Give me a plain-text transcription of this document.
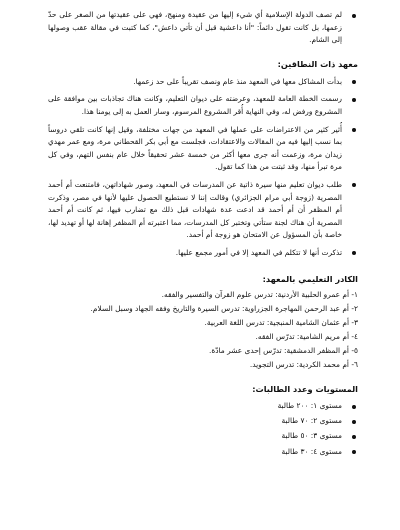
لم تصف الدولة الإسلامية أي شيء إليها من عقيدة ومنهج، فهي على عقيدتها من الصغر على حدّ زعمها، بل كانت تقول دائماً: "أنا داعشية قبل أن تأتي داعش"، كما كتبت في مقالة عقب وصولها إلى الشام.
معهد ذات النطاقين:
بدأت المشاكل معها في المعهد منذ عام ونصف تقريباً على حد زعمها.
رسمت الخطة العامة للمعهد، وعرضته على ديوان التعليم، وكانت هناك تجاذبات بين موافقة على المشروع ورفض له، وفي النهاية أُقر المشروع المرسوم، وسار العمل به إلى يومنا هذا.
أُثير كثير من الاعتراضات على عملها في المعهد من جهات مختلفة، وقيل إنها كانت تلقي دروساً بما نسب إليها فيه من المقالات والاعتقادات، فجلست مع أبي بكر القحطاني مرة، ومع عمر مهدي زيدان مرة، وزعمت أنه جرى معها أكثر من خمسة عشر تحقيقاً خلال عام بنفس التهم، وفي كل مرة تبرأ منها، وقد ثبتت من هذا كما تقول.
طلب ديوان تعليم منها سيرة ذاتية عن المدرسات في المعهد، وصور شهاداتهن، فامتنعت أم أحمد المصرية (زوجة أبي مرام الجزائري) وقالت إننا لا نستطيع الحصول عليها لأنها في مصر، وذكرت أم المظفر أن أم أحمد قد ادعت عدة شهادات قبل ذلك مع تضارب فيها، ثم كانت أم أحمد المصرية أن هناك لجنة ستأتي وتختبر كل المدرسات، مما اعتبرته أم المظفر إهانة لها أو تهديد لها، خاصة بأن المسؤول عن الامتحان هو زوجة أم أحمد.
تذكرت أنها لا تتكلم في المعهد إلا في أمور مجمع عليها.
الكادر التعليمي بالمعهد:
١- أم عمرو الحلبية الأردنية: تدرس علوم القرآن والتفسير والفقه.
٢- أم عبد الرحمن المهاجرة الجزراوية: تدرس السيرة والتاريخ وفقه الجهاد وسبل السلام.
٣- أم عثمان الشامية المنبجية: تدرس اللغة العربية.
٤- أم مريم الشامية: تدرّس الفقه.
٥- أم المظفر الدمشقية: تدرّس إحدى عشر مادّة.
٦- أم محمد الكردية: تدرس التجويد.
المستويات وعدد الطالبات:
مستوى ١: ٢٠٠ طالبة
مستوى ٢: ٧٠ طالبة
مستوى ٣: ٥٠ طالبة
مستوى ٤: ٣٠ طالبة
